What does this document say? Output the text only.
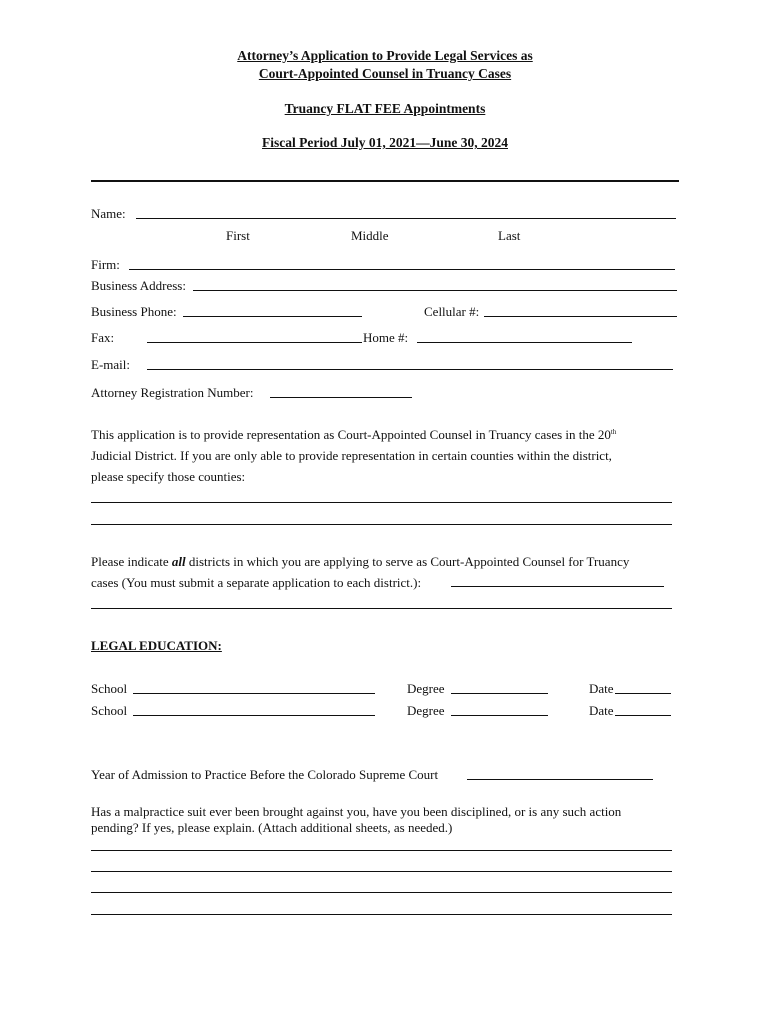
Attorney’s Application to Provide Legal Services as
Court-Appointed Counsel in Truancy Cases
Truancy FLAT FEE Appointments
Fiscal Period July 01, 2021—June 30, 2024
Name:
First	Middle	Last
Firm:
Business Address:
Business Phone:	Cellular #:
Fax:	Home #:
E-mail:
Attorney Registration Number:
This application is to provide representation as Court-Appointed Counsel in Truancy cases in the 20th
Judicial District. If you are only able to provide representation in certain counties within the district,
please specify those counties:
Please indicate all districts in which you are applying to serve as Court-Appointed Counsel for Truancy
cases (You must submit a separate application to each district.):
LEGAL EDUCATION:
School	Degree	Date
School	Degree	Date
Year of Admission to Practice Before the Colorado Supreme Court
Has a malpractice suit ever been brought against you, have you been disciplined, or is any such action
pending? If yes, please explain. (Attach additional sheets, as needed.)
